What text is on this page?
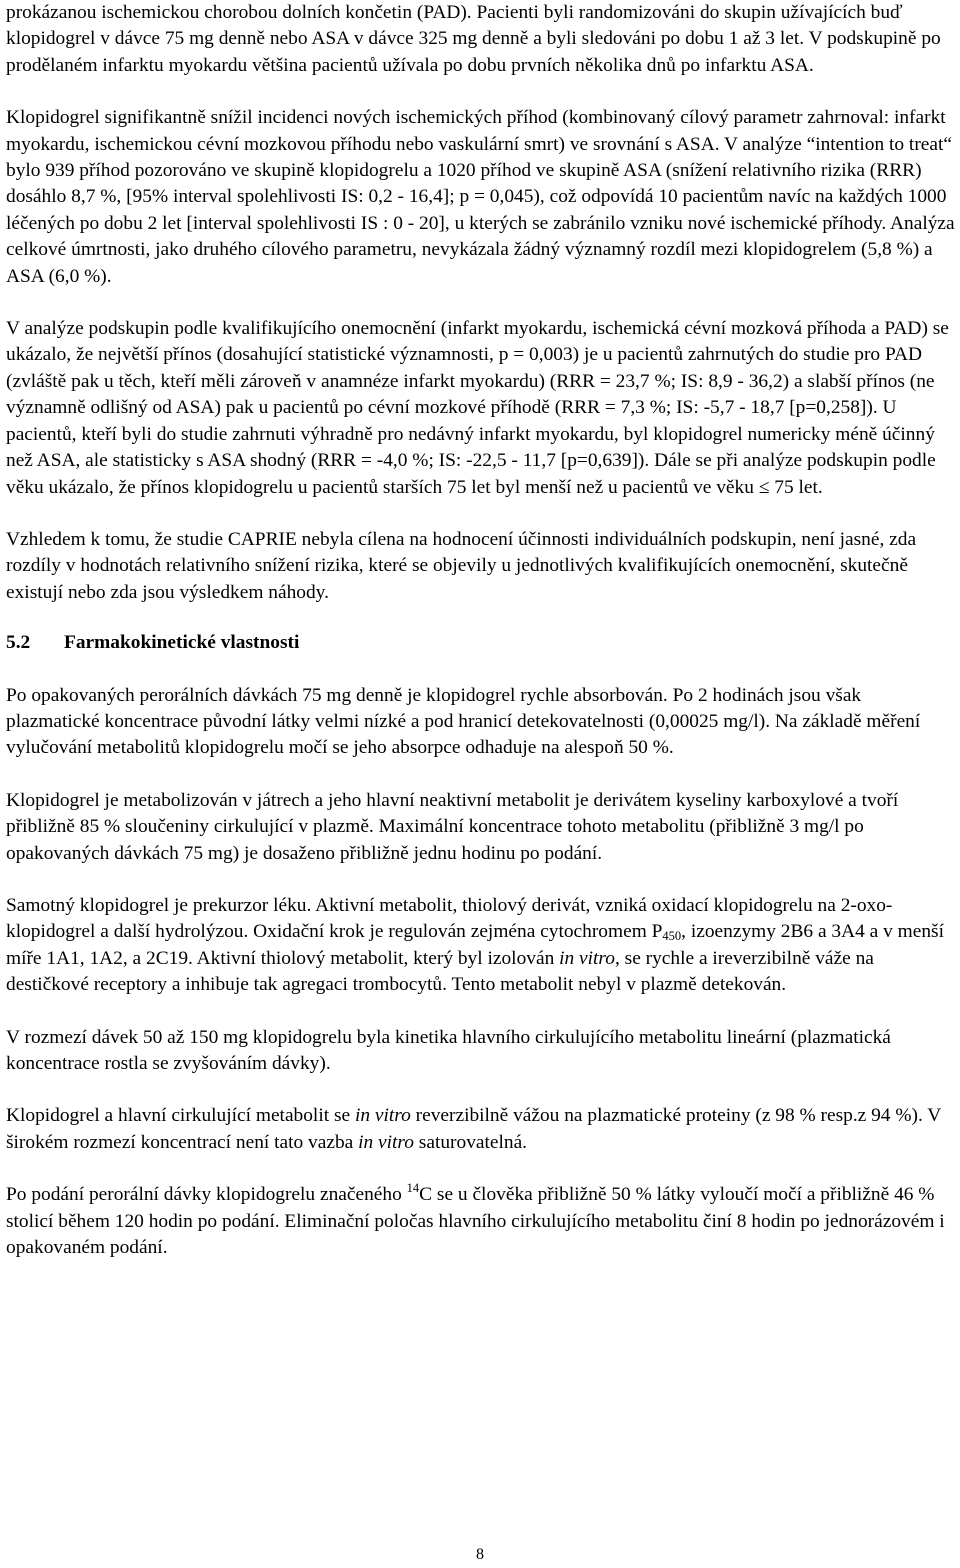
prokázanou ischemickou chorobou dolních končetin (PAD). Pacienti byli randomizováni do skupin užívajících buď klopidogrel v dávce 75 mg denně nebo ASA v dávce 325 mg denně a byli sledováni po dobu 1 až 3 let. V podskupině po prodělaném infarktu myokardu většina pacientů užívala po dobu prvních několika dnů po infarktu ASA.

Klopidogrel signifikantně snížil incidenci nových ischemických příhod (kombinovaný cílový parametr zahrnoval: infarkt myokardu, ischemickou cévní mozkovou příhodu nebo vaskulární smrt) ve srovnání s ASA. V analýze “intention to treat“ bylo 939 příhod pozorováno ve skupině klopidogrelu a 1020 příhod ve skupině ASA (snížení relativního rizika (RRR) dosáhlo 8,7 %, [95% interval spolehlivosti IS: 0,2 - 16,4]; p = 0,045), což odpovídá 10 pacientům navíc na každých 1000 léčených po dobu 2 let [interval spolehlivosti IS : 0 - 20], u kterých se zabránilo vzniku nové ischemické příhody. Analýza celkové úmrtnosti, jako druhého cílového parametru, nevykázala žádný významný rozdíl mezi klopidogrelem (5,8 %) a ASA (6,0 %).

V analýze podskupin podle kvalifikujícího onemocnění (infarkt myokardu, ischemická cévní mozková příhoda a PAD) se ukázalo, že největší přínos (dosahující statistické významnosti, p = 0,003) je u pacientů zahrnutých do studie pro PAD (zvláště pak u těch, kteří měli zároveň v anamnéze infarkt myokardu) (RRR = 23,7 %; IS: 8,9 - 36,2) a slabší přínos (ne významně odlišný od ASA) pak u pacientů po cévní mozkové příhodě (RRR = 7,3 %; IS: -5,7 - 18,7 [p=0,258]). U pacientů, kteří byli do studie zahrnuti výhradně pro nedávný infarkt myokardu, byl klopidogrel numericky méně účinný než ASA, ale statisticky s ASA shodný (RRR = -4,0 %; IS: -22,5 - 11,7 [p=0,639]). Dále se při analýze podskupin podle věku ukázalo, že přínos klopidogrelu u pacientů starších 75 let byl menší než u pacientů ve věku ≤ 75 let.

Vzhledem k tomu, že studie CAPRIE nebyla cílena na hodnocení účinnosti individuálních podskupin, není jasné, zda rozdíly v hodnotách relativního snížení rizika, které se objevily u jednotlivých kvalifikujících onemocnění, skutečně existují nebo zda jsou výsledkem náhody.

5.2 Farmakokinetické vlastnosti

Po opakovaných perorálních dávkách 75 mg denně je klopidogrel rychle absorbován. Po 2 hodinách jsou však plazmatické koncentrace původní látky velmi nízké a pod hranicí detekovatelnosti (0,00025 mg/l). Na základě měření vylučování metabolitů klopidogrelu močí se jeho absorpce odhaduje na alespoň 50 %.

Klopidogrel je metabolizován v játrech a jeho hlavní neaktivní metabolit je derivátem kyseliny karboxylové a tvoří přibližně 85 % sloučeniny cirkulující v plazmě. Maximální koncentrace tohoto metabolitu (přibližně 3 mg/l po opakovaných dávkách 75 mg) je dosaženo přibližně jednu hodinu po podání.

Samotný klopidogrel je prekurzor léku. Aktivní metabolit, thiolový derivát, vzniká oxidací klopidogrelu na 2-oxo-klopidogrel a další hydrolýzou. Oxidační krok je regulován zejména cytochromem $P_{450}$, izoenzymy 2B6 a 3A4 a v menší míře 1A1, 1A2, a 2C19. Aktivní thiolový metabolit, který byl izolován in vitro, se rychle a ireverzibilně váže na destičkové receptory a inhibuje tak agregaci trombocytů. Tento metabolit nebyl v plazmě detekován.

V rozmezí dávek 50 až 150 mg klopidogrelu byla kinetika hlavního cirkulujícího metabolitu lineární (plazmatická koncentrace rostla se zvyšováním dávky).

Klopidogrel a hlavní cirkulující metabolit se in vitro reverzibilně vážou na plazmatické proteiny (z 98 % resp.z 94 %). V širokém rozmezí koncentrací není tato vazba in vitro saturovatelná.

Po podání perorální dávky klopidogrelu značeného $^{14}$C se u člověka přibližně 50 % látky vyloučí močí a přibližně 46 % stolicí během 120 hodin po podání. Eliminační poločas hlavního cirkulujícího metabolitu činí 8 hodin po jednorázovém i opakovaném podání.

8
